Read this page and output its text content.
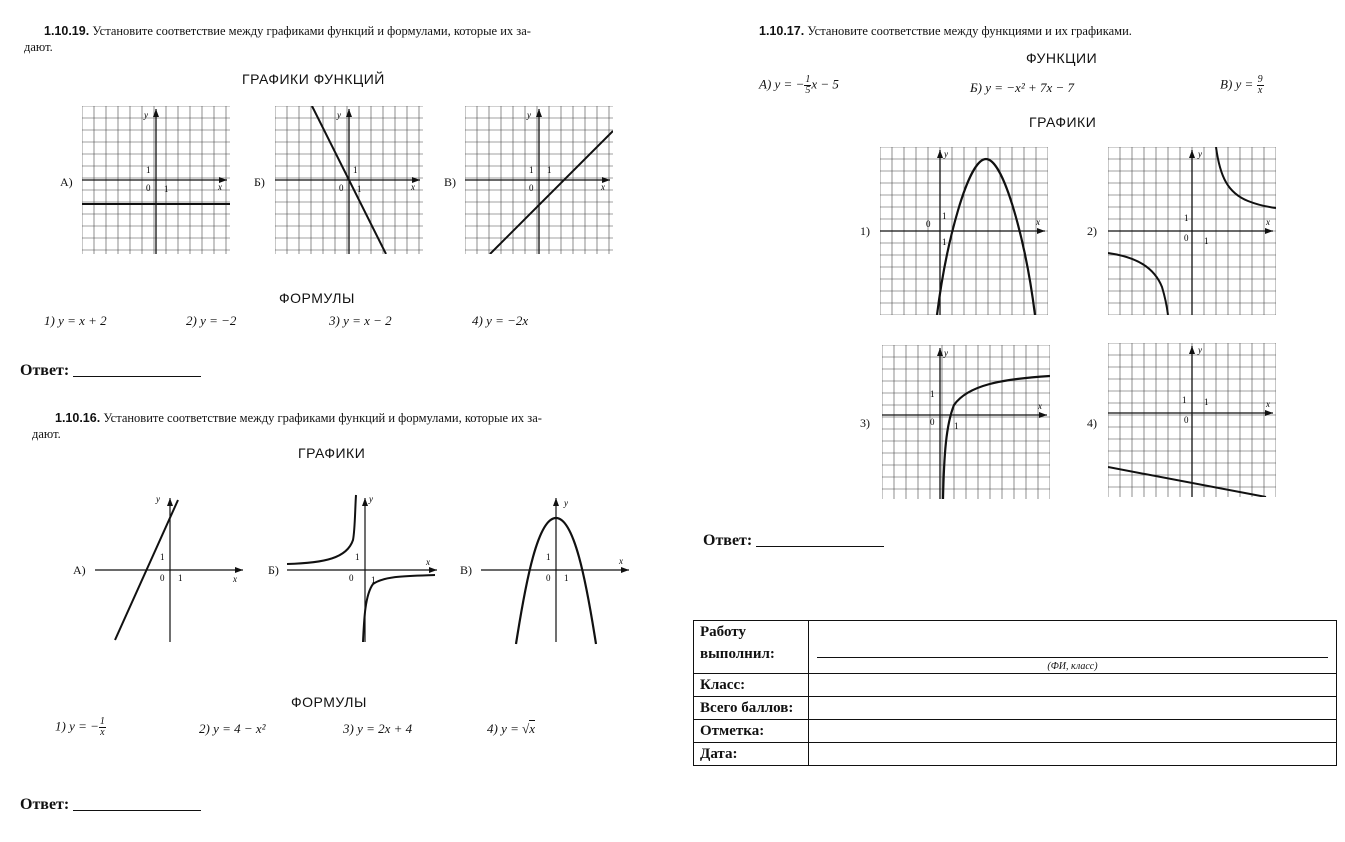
1.10.19. Установите соответствие между графиками функций и формулами, которые их за-
дают.
ГРАФИКИ ФУНКЦИЙ
А)	Б)	В)
y
x
0
1
1
y
x
0
1
1
y
x
0
1 1
ФОРМУЛЫ
1) y = x + 2	2) y = −2	3) y = x − 2	4) y = −2x
Ответ:
1.10.16. Установите соответствие между графиками функций и формулами, которые их за-
дают.
ГРАФИКИ
А)	Б)	В)
y
x
0
1
1
y
x
0
1
1
y
x
0
1
1
ФОРМУЛЫ
1) y = − $\frac{1}{x}$	2) y = 4 − x²	3) y = 2x + 4	4) y = √x
Ответ:
1.10.17. Установите соответствие между функциями и их графиками.
ФУНКЦИИ
А) y = − $\frac{1}{5}$ x − 5	Б) y = −x² + 7x − 7	В) $y = \frac{9}{x}$
ГРАФИКИ
1)	2)
3)	4)
y
x
0
1
1
y
x
0
1
1
y
x
0
1
1
y
x
0
1 1
Ответ:
Работу выполнил:	(ФИ, класс)

Класс:	
Всего баллов:	
Отметка:	
Дата:	
